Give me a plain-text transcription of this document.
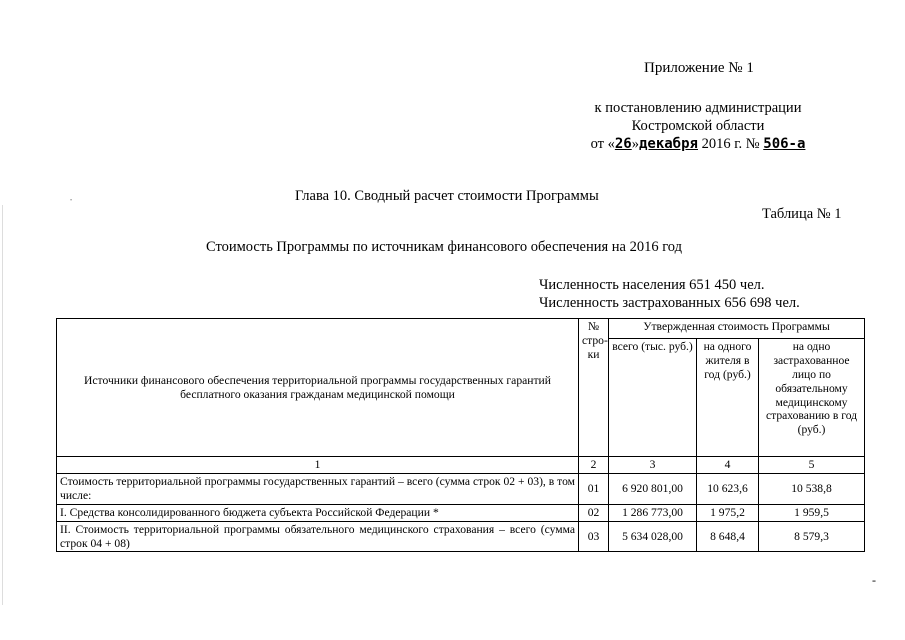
Приложение № 1
к постановлению администрации
Костромской области
от «26»декабря 2016 г. № 506-а
•	Глава 10. Сводный расчет стоимости Программы
Таблица № 1
Стоимость Программы по источникам финансового обеспечения на 2016 год
Численность населения 651 450 чел.
Численность застрахованных 656 698 чел.
Источники финансового обеспечения территориальной программы государственных гарантий бесплатного оказания гражданам медицинской помощи	№ стро-ки	Утвержденная стоимость Программы		
		всего (тыс. руб.)	на одного жителя в год (руб.)	на одно застрахованное лицо по обязательному медицинскому страхованию в год (руб.)
1	2	3	4	5
Стоимость территориальной программы государственных гарантий – всего (сумма строк 02 + 03), в том числе:	01	6 920 801,00	10 623,6	10 538,8
I. Средства консолидированного бюджета субъекта Российской Федерации *	02	1 286 773,00	1 975,2	1 959,5
II. Стоимость территориальной программы обязательного медицинского страхования – всего (сумма строк 04 + 08)	03	5 634 028,00	8 648,4	8 579,3
-
